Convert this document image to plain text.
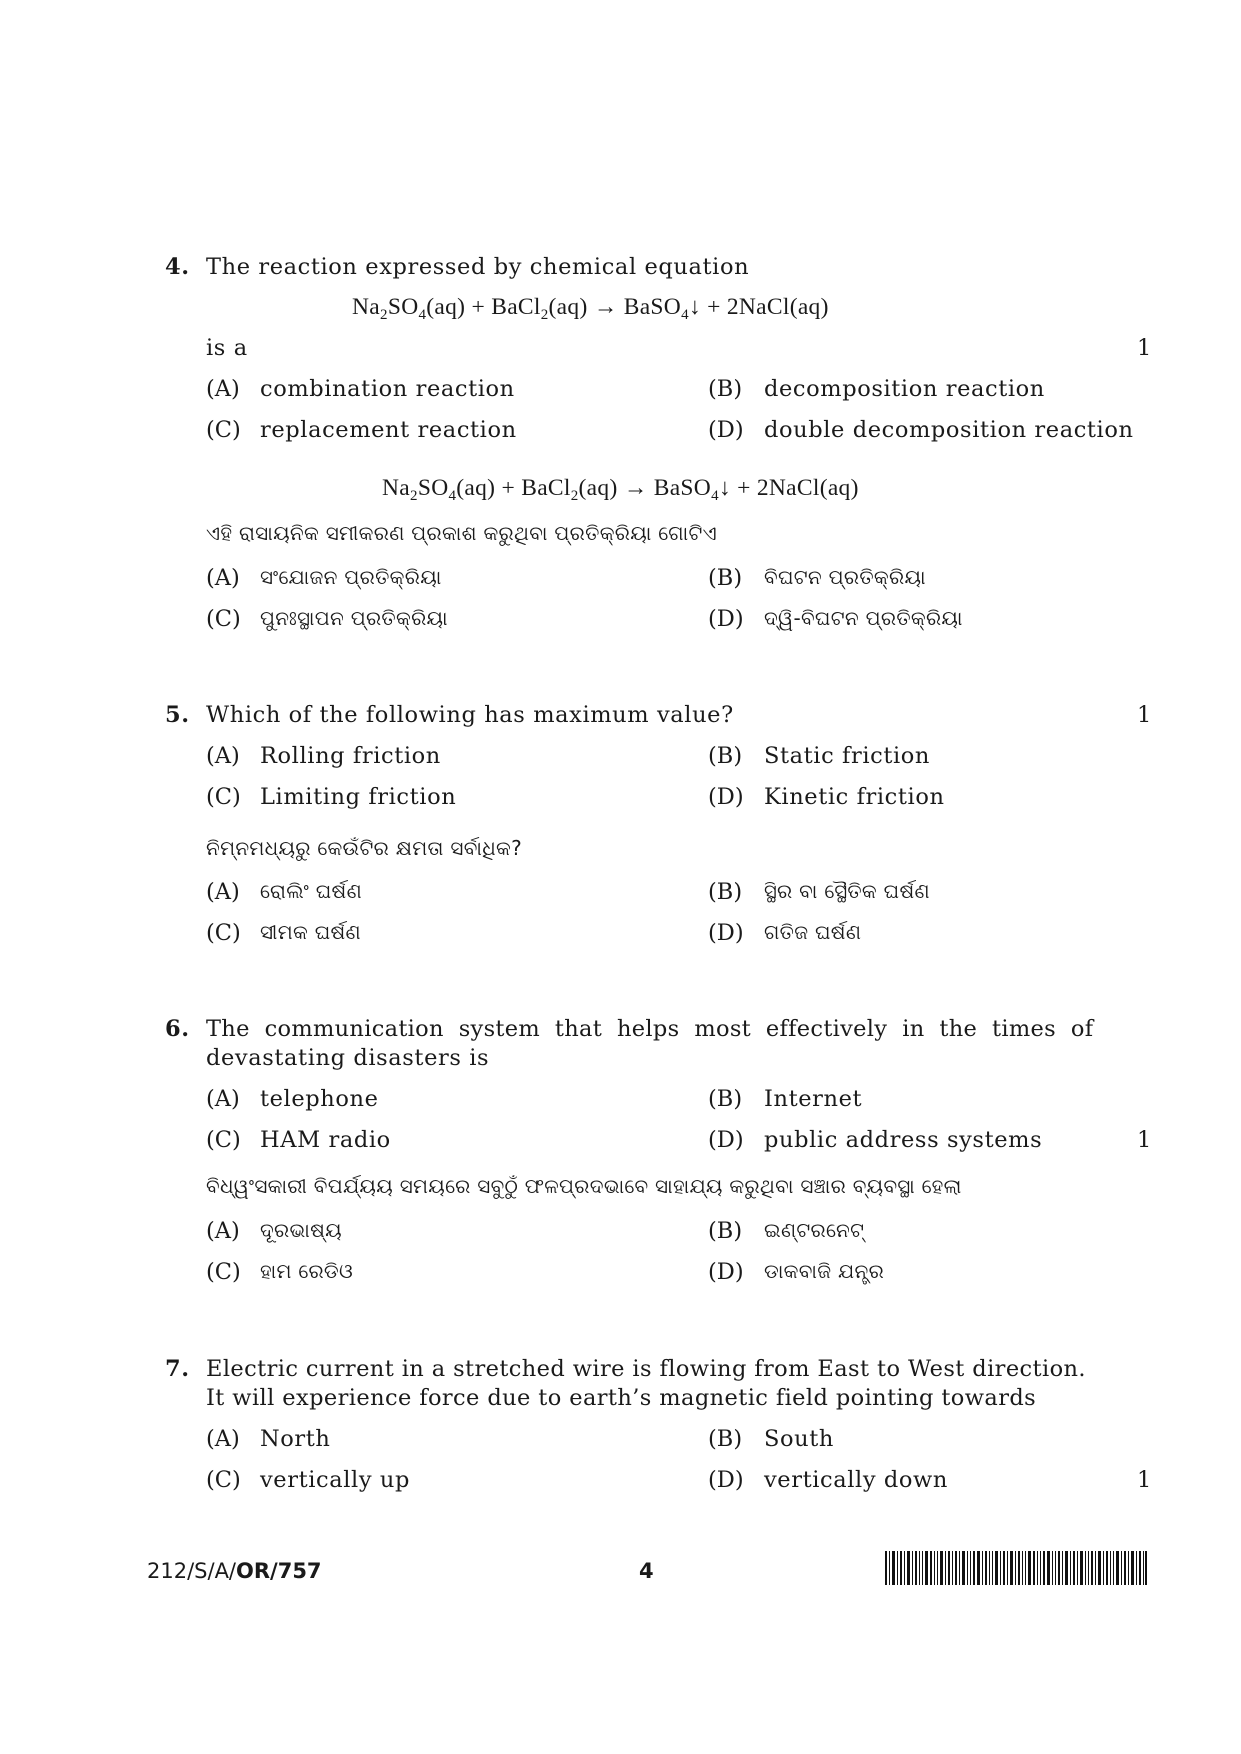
4. The reaction expressed by chemical equation
$Na_2SO_4(aq)$ + BaCl$_2$(aq) → BaSO$_4$↓ + 2NaCl(aq)
is a	1
(A) combination reaction	(B) decomposition reaction
(C) replacement reaction	(D) double decomposition reaction
$Na_2SO_4(aq)$ + BaCl$_2$(aq) → BaSO$_4$↓ + 2NaCl(aq)
ଏହି ରାସାୟନିକ ସମୀକରଣ ପ୍ରକାଶ କରୁଥିବା ପ୍ରତିକ୍ରିୟା ଗୋଟିଏ
(A) ସଂଯୋଜନ ପ୍ରତିକ୍ରିୟା	(B) ବିଘଟନ ପ୍ରତିକ୍ରିୟା
(C) ପୁନଃସ୍ଥାପନ ପ୍ରତିକ୍ରିୟା	(D) ଦ୍ୱି-ବିଘଟନ ପ୍ରତିକ୍ରିୟା
5. Which of the following has maximum value?	1
(A) Rolling friction	(B) Static friction
(C) Limiting friction	(D) Kinetic friction
ନିମ୍ନମଧ୍ୟରୁ କେଉଁଟିର କ୍ଷମତା ସର୍ବାଧିକ?
(A) ରୋଲିଂ ଘର୍ଷଣ	(B) ସ୍ଥିର ବା ସ୍ଥୈତିକ ଘର୍ଷଣ
(C) ସୀମକ ଘର୍ଷଣ	(D) ଗତିଜ ଘର୍ଷଣ
6. The  communication  system  that  helps  most  effectively  in  the  times  of
devastating disasters is
(A) telephone	(B) Internet
(C) HAM radio	(D) public address systems	1
ବିଧ୍ୱଂସକାରୀ ବିପର୍ଯ୍ୟୟ ସମୟରେ ସବୁଠୁଁ ଫଳପ୍ରଦଭାବେ ସାହାଯ୍ୟ କରୁଥିବା ସଞ୍ଚାର ବ୍ୟବସ୍ଥା ହେଲା
(A) ଦୂରଭାଷ୍ୟ	(B) ଇଣ୍ଟରନେଟ୍
(C) ହାମ ରେଡିଓ	(D) ଡାକବାଜି ଯନ୍ତ୍ର
7. Electric current in a stretched wire is flowing from East to West direction.
It will experience force due to earth’s magnetic field pointing towards
(A) North	(B) South
(C) vertically up	(D) vertically down	1
212/S/A/OR/757	4
